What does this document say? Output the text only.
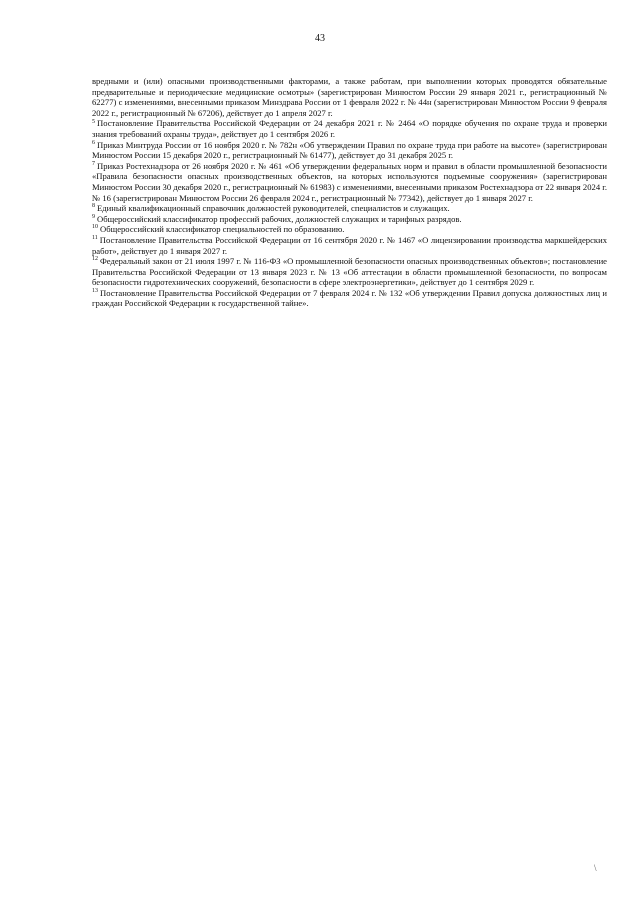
43

вредными и (или) опасными производственными факторами, а также работам, при выполнении которых проводятся обязательные предварительные и периодические медицинские осмотры» (зарегистрирован Минюстом России 29 января 2021 г., регистрационный № 62277) с изменениями, внесенными приказом Минздрава России от 1 февраля 2022 г. № 44н (зарегистрирован Минюстом России 9 февраля 2022 г., регистрационный № 67206), действует до 1 апреля 2027 г.

$^5$ Постановление Правительства Российской Федерации от 24 декабря 2021 г. № 2464 «О порядке обучения по охране труда и проверки знания требований охраны труда», действует до 1 сентября 2026 г.

$^6$ Приказ Минтруда России от 16 ноября 2020 г. № 782н «Об утверждении Правил по охране труда при работе на высоте» (зарегистрирован Минюстом России 15 декабря 2020 г., регистрационный № 61477), действует до 31 декабря 2025 г.

$^7$ Приказ Ростехнадзора от 26 ноября 2020 г. № 461 «Об утверждении федеральных норм и правил в области промышленной безопасности «Правила безопасности опасных производственных объектов, на которых используются подъемные сооружения» (зарегистрирован Минюстом России 30 декабря 2020 г., регистрационный № 61983) с изменениями, внесенными приказом Ростехнадзора от 22 января 2024 г. № 16 (зарегистрирован Минюстом России 26 февраля 2024 г., регистрационный № 77342), действует до 1 января 2027 г.

$^8$ Единый квалификационный справочник должностей руководителей, специалистов и служащих.

$^9$ Общероссийский классификатор профессий рабочих, должностей служащих и тарифных разрядов.

$^{10}$ Общероссийский классификатор специальностей по образованию.

$^{11}$ Постановление Правительства Российской Федерации от 16 сентября 2020 г. № 1467 «О лицензировании производства маркшейдерских работ», действует до 1 января 2027 г.

$^{12}$ Федеральный закон от 21 июля 1997 г. № 116-ФЗ «О промышленной безопасности опасных производственных объектов»; постановление Правительства Российской Федерации от 13 января 2023 г. № 13 «Об аттестации в области промышленной безопасности, по вопросам безопасности гидротехнических сооружений, безопасности в сфере электроэнергетики», действует до 1 сентября 2029 г.

$^{13}$ Постановление Правительства Российской Федерации от 7 февраля 2024 г. № 132 «Об утверждении Правил допуска должностных лиц и граждан Российской Федерации к государственной тайне».

\
